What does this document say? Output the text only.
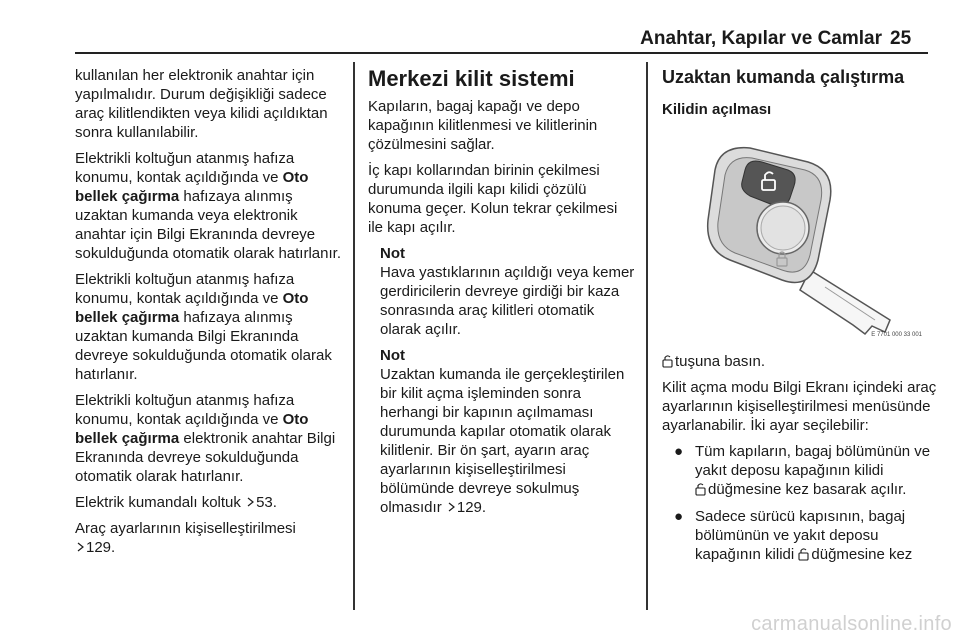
Anahtar, Kapılar ve Camlar 25

kullanılan her elektronik anahtar için yapılmalıdır. Durum değişikliği sadece araç kilitlendikten veya kilidi açıldıktan sonra kullanılabilir.

Elektrikli koltuğun atanmış hafıza konumu, kontak açıldığında ve Oto bellek çağırma hafızaya alınmış uzaktan kumanda veya elektronik anahtar için Bilgi Ekranında devreye sokulduğunda otomatik olarak hatırlanır.

Elektrikli koltuğun atanmış hafıza konumu, kontak açıldığında ve Oto bellek çağırma hafızaya alınmış uzaktan kumanda Bilgi Ekranında devreye sokulduğunda otomatik olarak hatırlanır.

Elektrikli koltuğun atanmış hafıza konumu, kontak açıldığında ve Oto bellek çağırma elektronik anahtar Bilgi Ekranında devreye sokulduğunda otomatik olarak hatırlanır.

Elektrik kumandalı koltuk 53.

Araç ayarlarının kişiselleştirilmesi
129.

Merkezi kilit sistemi

Kapıların, bagaj kapağı ve depo kapağının kilitlenmesi ve kilitlerinin çözülmesini sağlar.

İç kapı kollarından birinin çekilmesi durumunda ilgili kapı kilidi çözülü konuma geçer. Kolun tekrar çekilmesi ile kapı açılır.

Not
Hava yastıklarının açıldığı veya kemer gerdiricilerin devreye girdiği bir kaza sonrasında araç kilitleri otomatik olarak açılır.

Not
Uzaktan kumanda ile gerçekleştirilen bir kilit açma işleminden sonra herhangi bir kapının açılmaması durumunda kapılar otomatik olarak kilitlenir. Bir ön şart, ayarın araç ayarlarının kişiselleştirilmesi bölümünde devreye sokulmuş olmasıdır 129.

Uzaktan kumanda çalıştırma
Kilidin açılması
E 7701 000 33 001

tuşuna basın.

Kilit açma modu Bilgi Ekranı içindeki araç ayarlarının kişiselleştirilmesi menüsünde ayarlanabilir. İki ayar seçilebilir:

● Tüm kapıların, bagaj bölümünün ve yakıt deposu kapağının kilidi
düğmesine kez basarak açılır.
● Sadece sürücü kapısının, bagaj bölümünün ve yakıt deposu kapağının kilidi düğmesine kez
carmanualsonline.info
